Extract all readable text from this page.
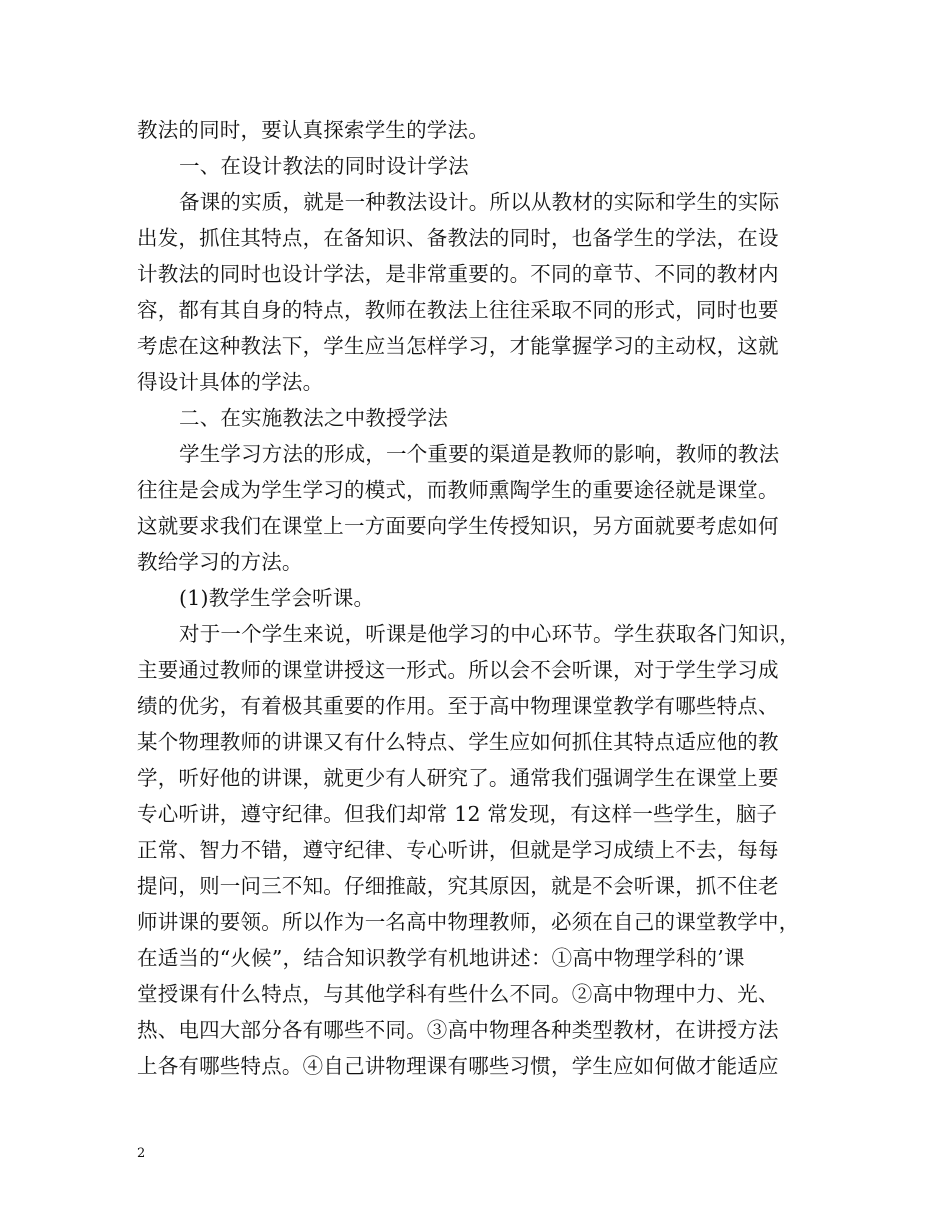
教法的同时，要认真探索学生的学法。
一、在设计教法的同时设计学法
备课的实质，就是一种教法设计。所以从教材的实际和学生的实际
出发，抓住其特点，在备知识、备教法的同时，也备学生的学法，在设
计教法的同时也设计学法，是非常重要的。不同的章节、不同的教材内
容，都有其自身的特点，教师在教法上往往采取不同的形式，同时也要
考虑在这种教法下，学生应当怎样学习，才能掌握学习的主动权，这就
得设计具体的学法。
二、在实施教法之中教授学法
学生学习方法的形成，一个重要的渠道是教师的影响，教师的教法
往往是会成为学生学习的模式，而教师熏陶学生的重要途径就是课堂。
这就要求我们在课堂上一方面要向学生传授知识，另方面就要考虑如何
教给学习的方法。
(1)教学生学会听课。
对于一个学生来说，听课是他学习的中心环节。学生获取各门知识，
主要通过教师的课堂讲授这一形式。所以会不会听课，对于学生学习成
绩的优劣，有着极其重要的作用。至于高中物理课堂教学有哪些特点、
某个物理教师的讲课又有什么特点、学生应如何抓住其特点适应他的教
学，听好他的讲课，就更少有人研究了。通常我们强调学生在课堂上要
专心听讲，遵守纪律。但我们却常 12 常发现，有这样一些学生，脑子
正常、智力不错，遵守纪律、专心听讲，但就是学习成绩上不去，每每
提问，则一问三不知。仔细推敲，究其原因，就是不会听课，抓不住老
师讲课的要领。所以作为一名高中物理教师，必须在自己的课堂教学中，
在适当的“火候”，结合知识教学有机地讲述：①高中物理学科的’课
堂授课有什么特点，与其他学科有些什么不同。②高中物理中力、光、
热、电四大部分各有哪些不同。③高中物理各种类型教材，在讲授方法
上各有哪些特点。④自己讲物理课有哪些习惯，学生应如何做才能适应
2
